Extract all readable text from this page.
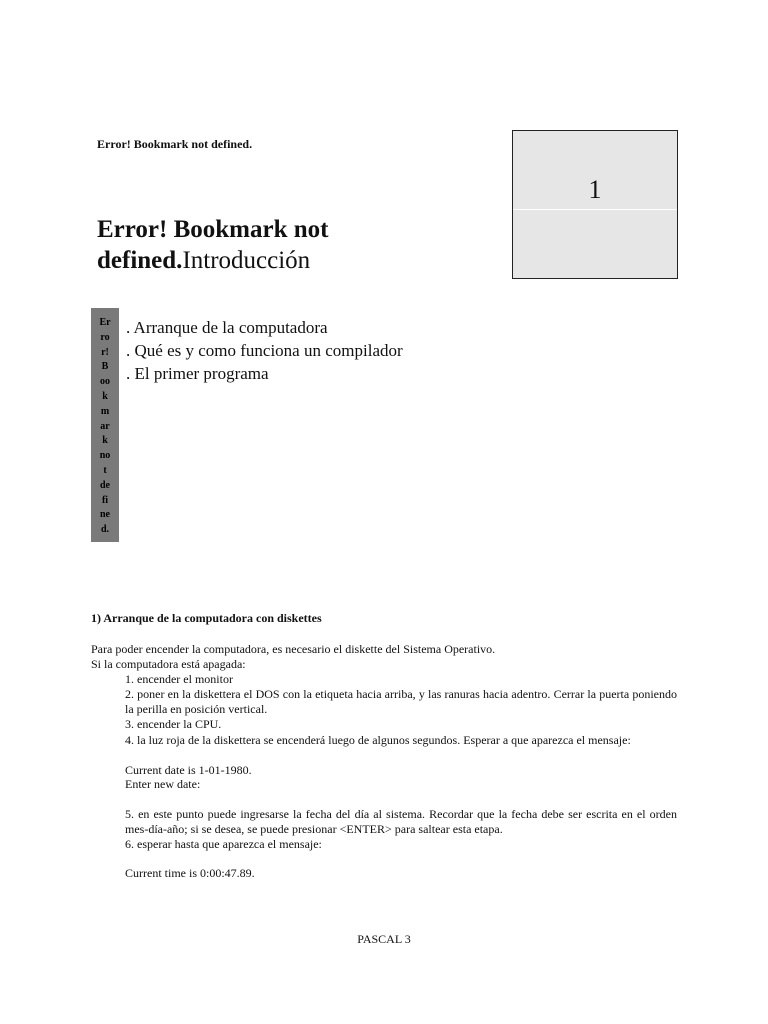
Error! Bookmark not defined.
1
Error! Bookmark not defined.Introducción
Er
ro
r!
B
oo
k
m
ar
k
no
t
de
fi
ne
d.
. Arranque de la computadora
. Qué es y como funciona un compilador
. El primer programa
1) Arranque de la computadora con diskettes
Para poder encender la computadora, es necesario el diskette del Sistema Operativo.
Si la computadora está apagada:
1. encender el monitor
2. poner en la diskettera el DOS con la etiqueta hacia arriba, y las ranuras hacia adentro. Cerrar la puerta poniendo la perilla en posición vertical.
3. encender la CPU.
4. la luz roja de la diskettera se encenderá luego de algunos segundos. Esperar a que aparezca el mensaje:
Current date is 1-01-1980.
Enter new date:
5. en este punto puede ingresarse la fecha del día al sistema. Recordar que la fecha debe ser escrita en el orden mes-día-año; si se desea, se puede presionar <ENTER> para saltear esta etapa.
6. esperar hasta que aparezca el mensaje:
Current time is 0:00:47.89.
PASCAL 3
